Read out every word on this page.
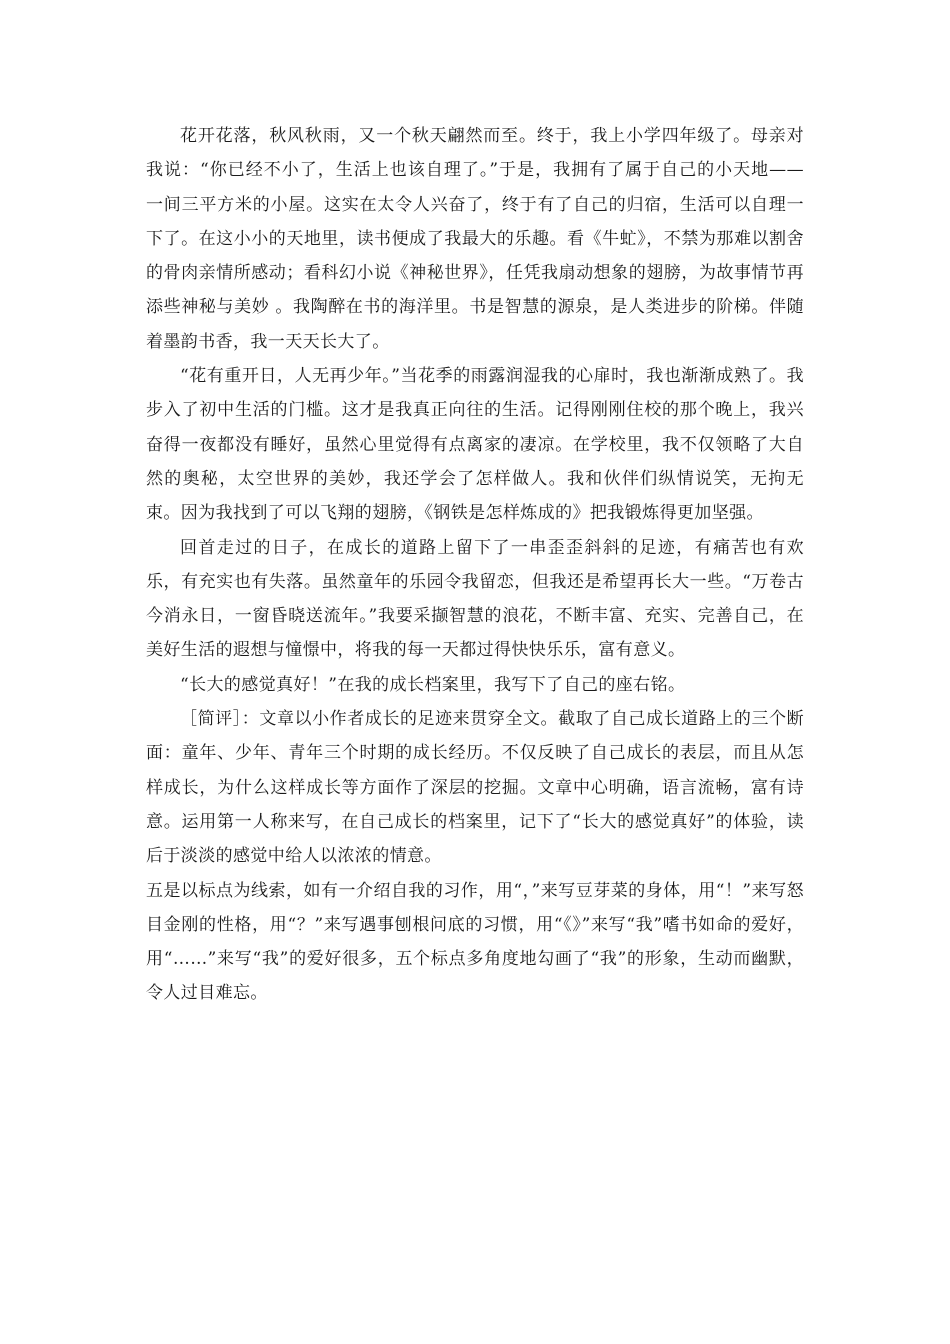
花开花落，秋风秋雨，又一个秋天翩然而至。终于，我上小学四年级了。母亲对我说：“你已经不小了，生活上也该自理了。”于是，我拥有了属于自己的小天地—— 一间三平方米的小屋。这实在太令人兴奋了，终于有了自己的归宿，生活可以自理一下了。在这小小的天地里，读书便成了我最大的乐趣。看《牛虻》，不禁为那难以割舍的骨肉亲情所感动；看科幻小说《神秘世界》，任凭我扇动想象的翅膀，为故事情节再添些神秘与美妙 。我陶醉在书的海洋里。书是智慧的源泉，是人类进步的阶梯。伴随着墨韵书香，我一天天长大了。

“花有重开日，人无再少年。”当花季的雨露润湿我的心扉时，我也渐渐成熟了。我步入了初中生活的门槛。这才是我真正向往的生活。记得刚刚住校的那个晚上，我兴奋得一夜都没有睡好，虽然心里觉得有点离家的凄凉。在学校里，我不仅领略了大自然的奥秘，太空世界的美妙，我还学会了怎样做人。我和伙伴们纵情说笑，无拘无束。因为我找到了可以飞翔的翅膀，《钢铁是怎样炼成的》把我锻炼得更加坚强。

回首走过的日子，在成长的道路上留下了一串歪歪斜斜的足迹，有痛苦也有欢乐，有充实也有失落。虽然童年的乐园令我留恋，但我还是希望再长大一些。“万卷古今消永日，一窗昏晓送流年。”我要采撷智慧的浪花，不断丰富、充实、完善自己，在美好生活的遐想与憧憬中，将我的每一天都过得快快乐乐，富有意义。

“长大的感觉真好！”在我的成长档案里，我写下了自己的座右铭。

［简评］：文章以小作者成长的足迹来贯穿全文。截取了自己成长道路上的三个断面：童年、少年、青年三个时期的成长经历。不仅反映了自己成长的表层，而且从怎样成长，为什么这样成长等方面作了深层的挖掘。文章中心明确，语言流畅，富有诗意。运用第一人称来写，在自己成长的档案里，记下了“长大的感觉真好”的体验，读后于淡淡的感觉中给人以浓浓的情意。

五是以标点为线索，如有一介绍自我的习作，用“，”来写豆芽菜的身体，用“！”来写怒目金刚的性格，用“？”来写遇事刨根问底的习惯，用“《》”来写“我”嗜书如命的爱好，用“……”来写“我”的爱好很多，五个标点多角度地勾画了“我”的形象，生动而幽默，令人过目难忘。
